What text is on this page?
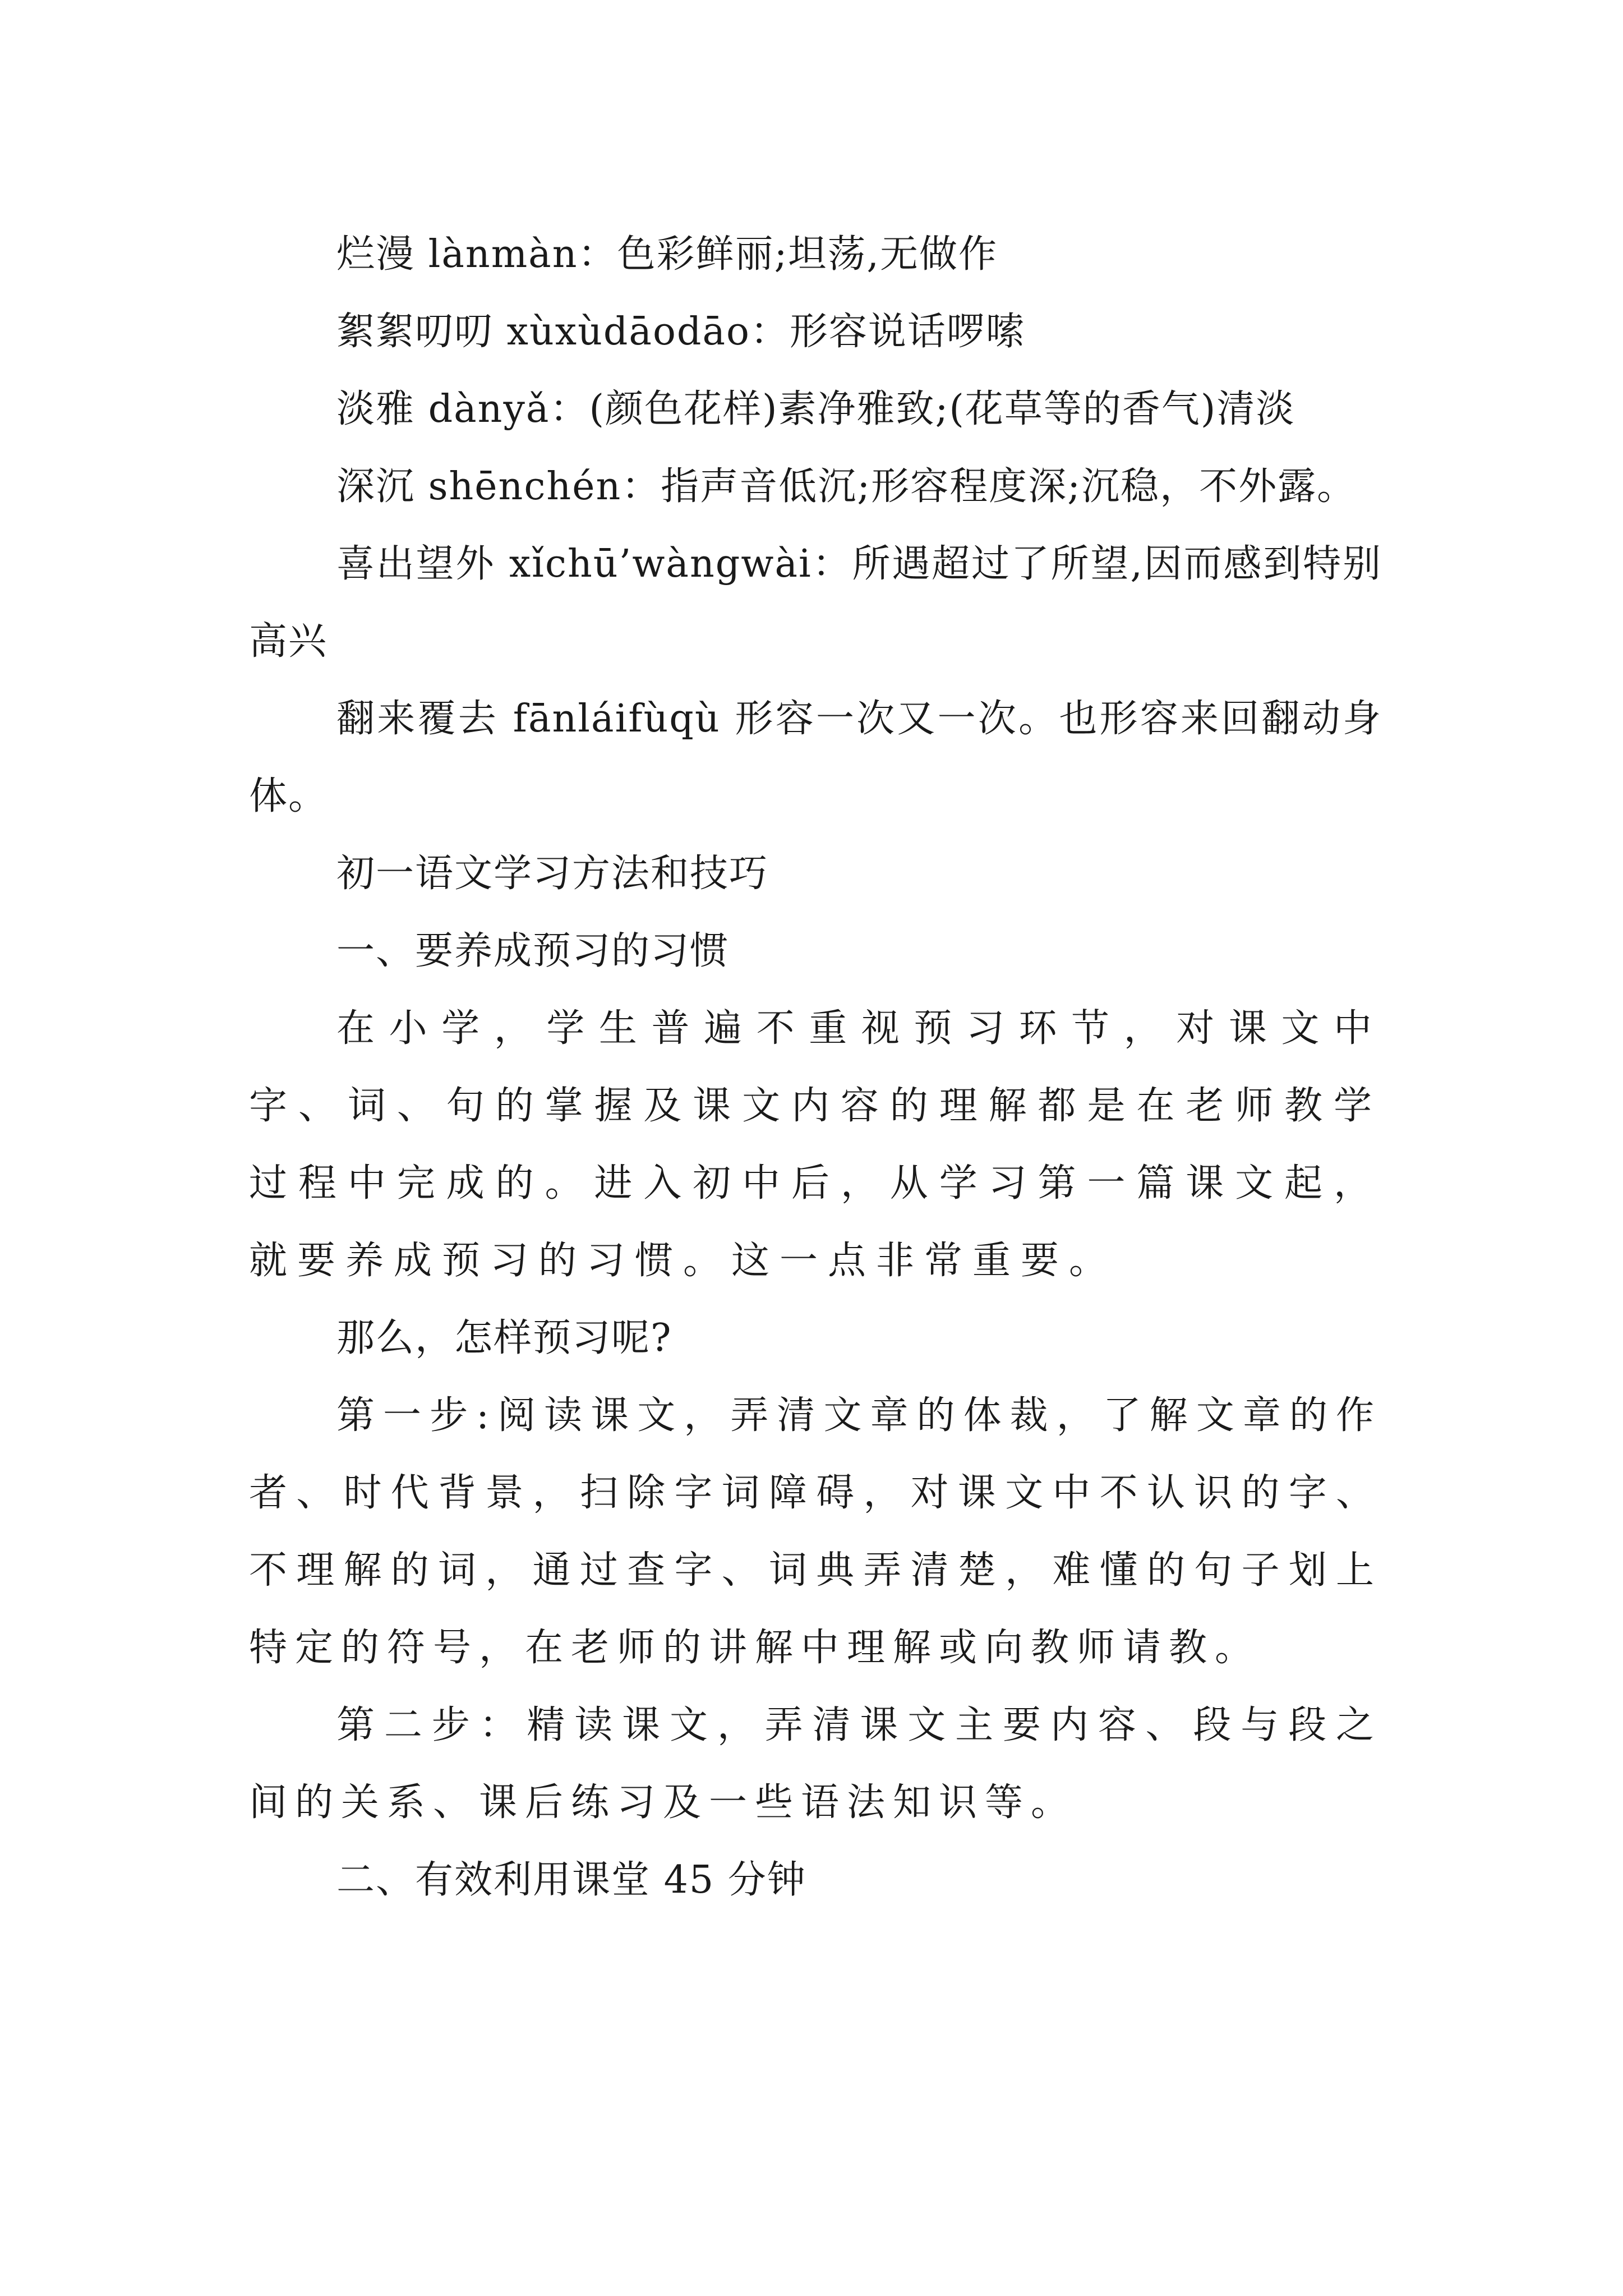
烂漫 lànmàn：色彩鲜丽;坦荡,无做作

絮絮叨叨 xùxùdāodāo：形容说话啰嗦

淡雅 dànyǎ：(颜色花样)素净雅致;(花草等的香气)清淡

深沉 shēnchén：指声音低沉;形容程度深;沉稳，不外露。

喜出望外 xǐchū’wàngwài：所遇超过了所望,因而感到特别高兴

翻来覆去 fānláifùqù 形容一次又一次。也形容来回翻动身体。

初一语文学习方法和技巧

一、要养成预习的习惯

在小学，学生普遍不重视预习环节，对课文中字、词、句的掌握及课文内容的理解都是在老师教学过程中完成的。进入初中后，从学习第一篇课文起，就要养成预习的习惯。这一点非常重要。

那么，怎样预习呢?

第一步:阅读课文，弄清文章的体裁，了解文章的作者、时代背景，扫除字词障碍，对课文中不认识的字、不理解的词，通过查字、词典弄清楚，难懂的句子划上特定的符号，在老师的讲解中理解或向教师请教。

第二步：精读课文，弄清课文主要内容、段与段之间的关系、课后练习及一些语法知识等。

二、有效利用课堂 45 分钟
